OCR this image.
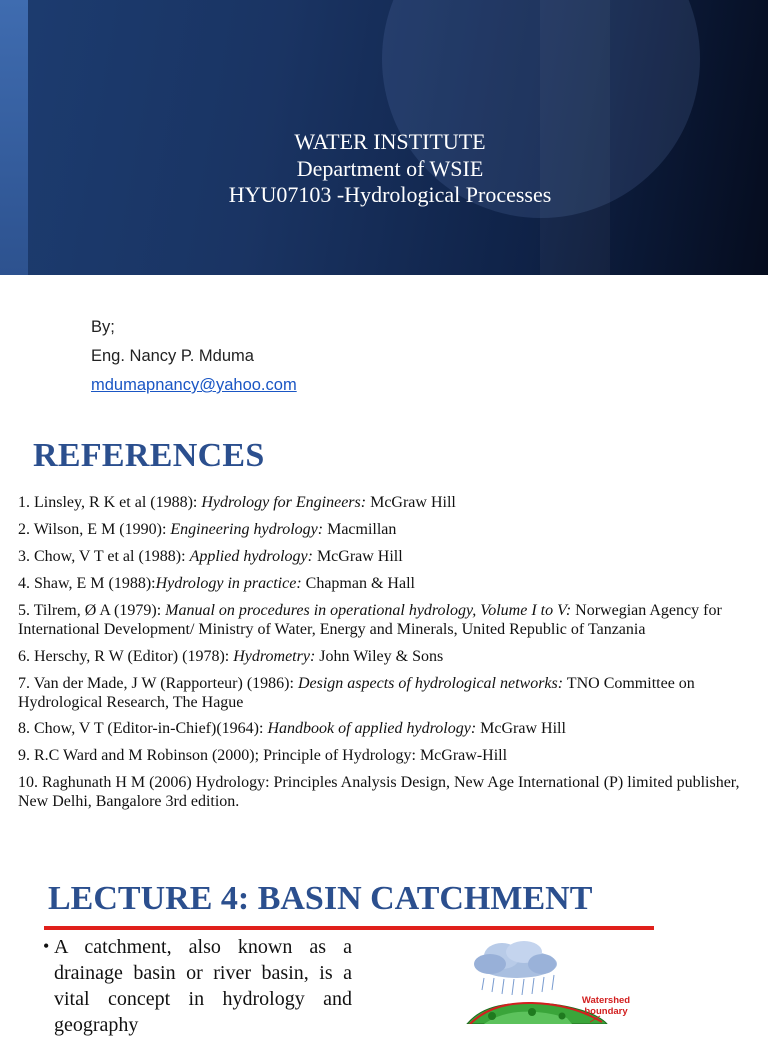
WATER INSTITUTE
Department of WSIE
HYU07103 -Hydrological Processes
By;
Eng. Nancy P. Mduma
mdumapnancy@yahoo.com
REFERENCES
1. Linsley, R K et al (1988): Hydrology for Engineers: McGraw Hill
2. Wilson, E M (1990): Engineering hydrology: Macmillan
3. Chow, V T et al (1988): Applied hydrology: McGraw Hill
4. Shaw, E M (1988):Hydrology in practice: Chapman & Hall
5. Tilrem, Ø A (1979): Manual on procedures in operational hydrology, Volume I to V: Norwegian Agency for International Development/ Ministry of Water, Energy and Minerals, United Republic of Tanzania
6. Herschy, R W (Editor) (1978): Hydrometry: John Wiley & Sons
7. Van der Made, J W (Rapporteur) (1986): Design aspects of hydrological networks: TNO Committee on Hydrological Research, The Hague
8. Chow, V T (Editor-in-Chief)(1964): Handbook of applied hydrology: McGraw Hill
9. R.C Ward and M Robinson (2000); Principle of Hydrology: McGraw-Hill
10. Raghunath H M (2006) Hydrology: Principles Analysis Design, New Age International (P) limited publisher, New Delhi, Bangalore 3rd edition.
LECTURE 4: BASIN CATCHMENT
• A catchment, also known as a drainage basin or river basin, is a vital concept in hydrology and geography
Watershed
boundary
